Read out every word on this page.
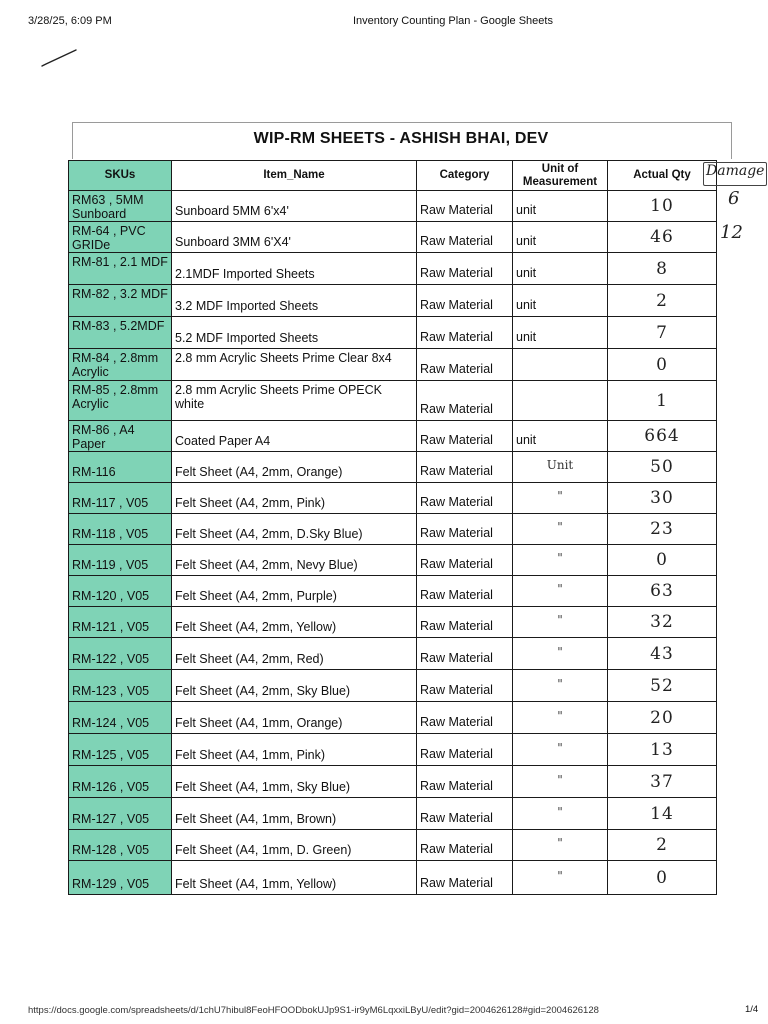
3/28/25, 6:09 PM	Inventory Counting Plan - Google Sheets
WIP-RM SHEETS - ASHISH BHAI, DEV
SKUs	Item_Name	Category	Unit of Measurement	Actual Qty
RM63 , 5MM Sunboard	Sunboard 5MM 6'x4'	Raw Material	unit	10
RM-64 , PVC GRIDe	Sunboard 3MM 6'X4'	Raw Material	unit	46
RM-81 , 2.1 MDF	2.1MDF Imported Sheets	Raw Material	unit	8
RM-82 , 3.2 MDF	3.2 MDF Imported Sheets	Raw Material	unit	2
RM-83 , 5.2MDF	5.2 MDF Imported Sheets	Raw Material	unit	7
RM-84 , 2.8mm Acrylic	2.8 mm Acrylic Sheets Prime Clear 8x4	Raw Material		0
RM-85 , 2.8mm Acrylic	2.8 mm Acrylic Sheets Prime OPECK white	Raw Material		1
RM-86 , A4 Paper	Coated Paper A4	Raw Material	unit	664
RM-116	Felt Sheet (A4, 2mm, Orange)	Raw Material	Unit	50
RM-117 , V05	Felt Sheet (A4, 2mm, Pink)	Raw Material	"	30
RM-118 , V05	Felt Sheet (A4, 2mm, D.Sky Blue)	Raw Material	"	23
RM-119 , V05	Felt Sheet (A4, 2mm, Nevy Blue)	Raw Material	"	0
RM-120 , V05	Felt Sheet (A4, 2mm, Purple)	Raw Material	"	63
RM-121 , V05	Felt Sheet (A4, 2mm, Yellow)	Raw Material	"	32
RM-122 , V05	Felt Sheet (A4, 2mm, Red)	Raw Material	"	43
RM-123 , V05	Felt Sheet (A4, 2mm, Sky Blue)	Raw Material	"	52
RM-124 , V05	Felt Sheet (A4, 1mm, Orange)	Raw Material	"	20
RM-125 , V05	Felt Sheet (A4, 1mm, Pink)	Raw Material	"	13
RM-126 , V05	Felt Sheet (A4, 1mm, Sky Blue)	Raw Material	"	37
RM-127 , V05	Felt Sheet (A4, 1mm, Brown)	Raw Material	"	14
RM-128 , V05	Felt Sheet (A4, 1mm, D. Green)	Raw Material	"	2
RM-129 , V05	Felt Sheet (A4, 1mm, Yellow)	Raw Material	"	0
Damage
6
12
https://docs.google.com/spreadsheets/d/1chU7hibul8FeoHFOODbokUJp9S1-ir9yM6LqxxiLByU/edit?gid=2004626128#gid=2004626128	1/4
